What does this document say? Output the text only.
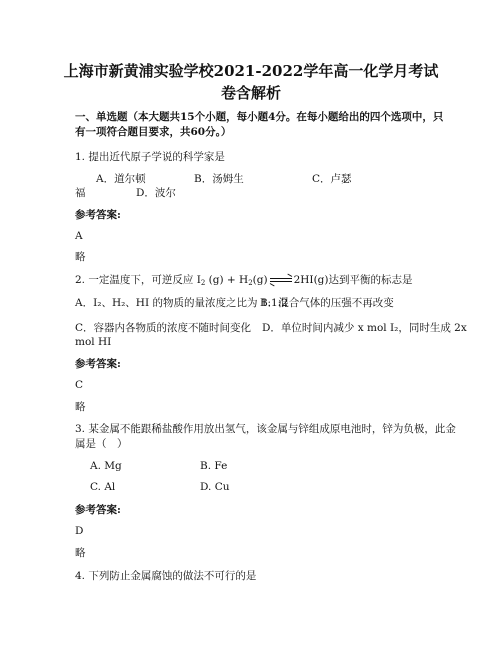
上海市新黄浦实验学校2021-2022学年高一化学月考试
卷含解析
一、单选题（本大题共15个小题，每小题4分。在每小题给出的四个选项中，只
有一项符合题目要求，共60分。）
1. 提出近代原子学说的科学家是
A．道尔顿	B．汤姆生	C．卢瑟
福	D．波尔
参考答案:
A
略
2. 一定温度下，可逆反应 $I_2$ $(g) + H_2(g)$ ⇌ 2HI(g)达到平衡的标志是
A．I₂、H₂、HI 的物质的量浓度之比为 1:1:2
B．混合气体的压强不再改变
C．容器内各物质的浓度不随时间变化 D．单位时间内减少 x mol I₂，同时生成 2x
mol HI
参考答案:
C
略
3. 某金属不能跟稀盐酸作用放出氢气，该金属与锌组成原电池时，锌为负极，此金
属是（　）
A. Mg	B. Fe
C. Al	D. Cu
参考答案:
D
略
4. 下列防止金属腐蚀的做法不可行的是
